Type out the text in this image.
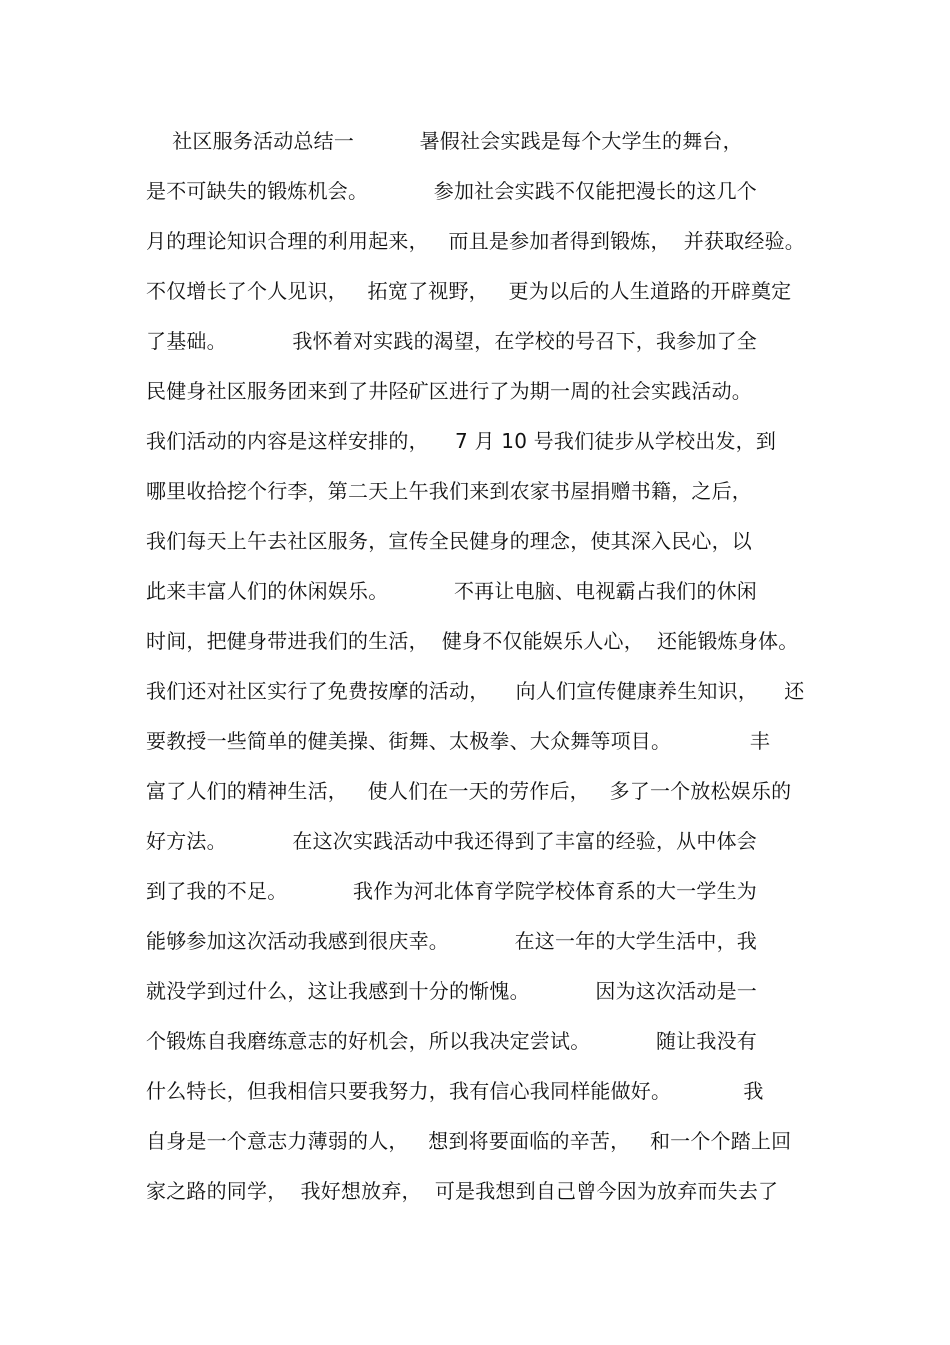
社区服务活动总结一          暑假社会实践是每个大学生的舞台，
是不可缺失的锻炼机会。          参加社会实践不仅能把漫长的这几个
月的理论知识合理的利用起来，   而且是参加者得到锻炼，  并获取经验。
不仅增长了个人见识，   拓宽了视野，   更为以后的人生道路的开辟奠定
了基础。          我怀着对实践的渴望，在学校的号召下，我参加了全
民健身社区服务团来到了井陉矿区进行了为期一周的社会实践活动。
我们活动的内容是这样安排的，    7 月 10 号我们徒步从学校出发，到
哪里收拾挖个行李，第二天上午我们来到农家书屋捐赠书籍，之后，
我们每天上午去社区服务，宣传全民健身的理念，使其深入民心，以
此来丰富人们的休闲娱乐。          不再让电脑、电视霸占我们的休闲
时间，把健身带进我们的生活，  健身不仅能娱乐人心，  还能锻炼身体。
我们还对社区实行了免费按摩的活动，    向人们宣传健康养生知识，    还
要教授一些简单的健美操、街舞、太极拳、大众舞等项目。            丰
富了人们的精神生活，   使人们在一天的劳作后，   多了一个放松娱乐的
好方法。          在这次实践活动中我还得到了丰富的经验，从中体会
到了我的不足。          我作为河北体育学院学校体育系的大一学生为
能够参加这次活动我感到很庆幸。          在这一年的大学生活中，我
就没学到过什么，这让我感到十分的惭愧。          因为这次活动是一
个锻炼自我磨练意志的好机会，所以我决定尝试。          随让我没有
什么特长，但我相信只要我努力，我有信心我同样能做好。           我
自身是一个意志力薄弱的人，   想到将要面临的辛苦，   和一个个踏上回
家之路的同学，  我好想放弃，  可是我想到自己曾今因为放弃而失去了
